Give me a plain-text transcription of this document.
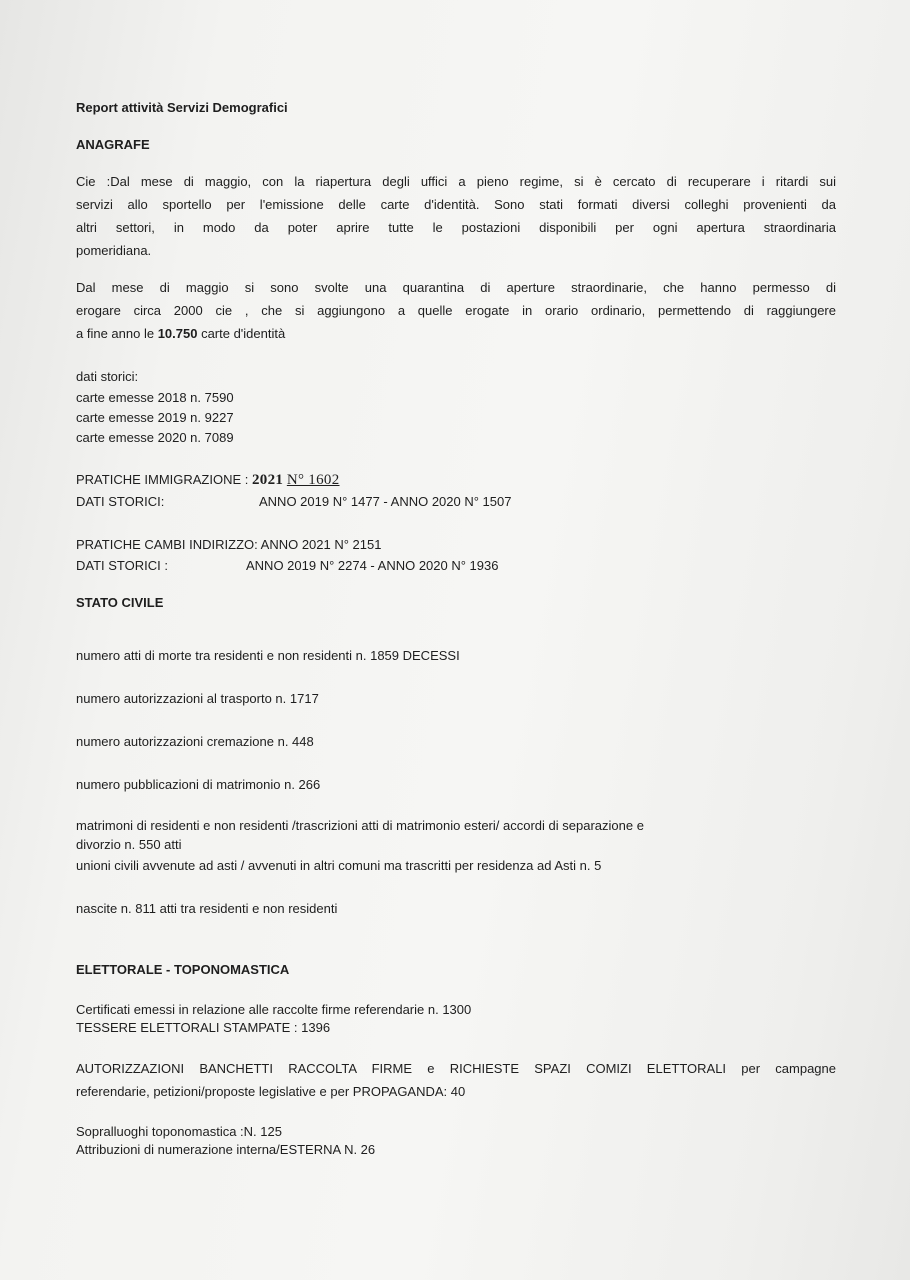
Report attività Servizi Demografici
ANAGRAFE
Cie :Dal mese di maggio, con la riapertura degli uffici a pieno regime, si è cercato di recuperare i ritardi sui
servizi allo sportello per l'emissione delle carte d'identità. Sono stati formati diversi colleghi provenienti da
altri settori, in modo da poter aprire tutte le postazioni disponibili per ogni apertura straordinaria
pomeridiana.
Dal mese di maggio si sono svolte una quarantina di aperture straordinarie, che hanno permesso di
erogare circa 2000 cie , che si aggiungono a quelle erogate in orario ordinario, permettendo di raggiungere
a fine anno le 10.750 carte d'identità
dati storici:
carte emesse 2018 n. 7590
carte emesse 2019 n. 9227
carte emesse 2020 n. 7089
PRATICHE IMMIGRAZIONE : 2021 N° 1602
DATI STORICI:	ANNO 2019 N° 1477 - ANNO 2020 N° 1507
PRATICHE CAMBI INDIRIZZO: ANNO 2021 N° 2151
DATI STORICI :	ANNO 2019 N° 2274 - ANNO 2020 N° 1936
STATO CIVILE
numero atti di morte tra residenti e non residenti n. 1859 DECESSI
numero autorizzazioni al trasporto n. 1717
numero autorizzazioni cremazione n. 448
numero pubblicazioni di matrimonio n. 266
matrimoni di residenti e non residenti /trascrizioni atti di matrimonio esteri/ accordi di separazione e
divorzio n. 550 atti
unioni civili avvenute ad asti / avvenuti in altri comuni ma trascritti per residenza ad Asti n. 5
nascite n. 811 atti tra residenti e non residenti
ELETTORALE - TOPONOMASTICA
Certificati emessi in relazione alle raccolte firme referendarie n. 1300
TESSERE ELETTORALI STAMPATE : 1396
AUTORIZZAZIONI BANCHETTI RACCOLTA FIRME e RICHIESTE SPAZI COMIZI ELETTORALI per campagne
referendarie, petizioni/proposte legislative e per PROPAGANDA: 40
Sopralluoghi toponomastica :N. 125
Attribuzioni di numerazione interna/ESTERNA N. 26
